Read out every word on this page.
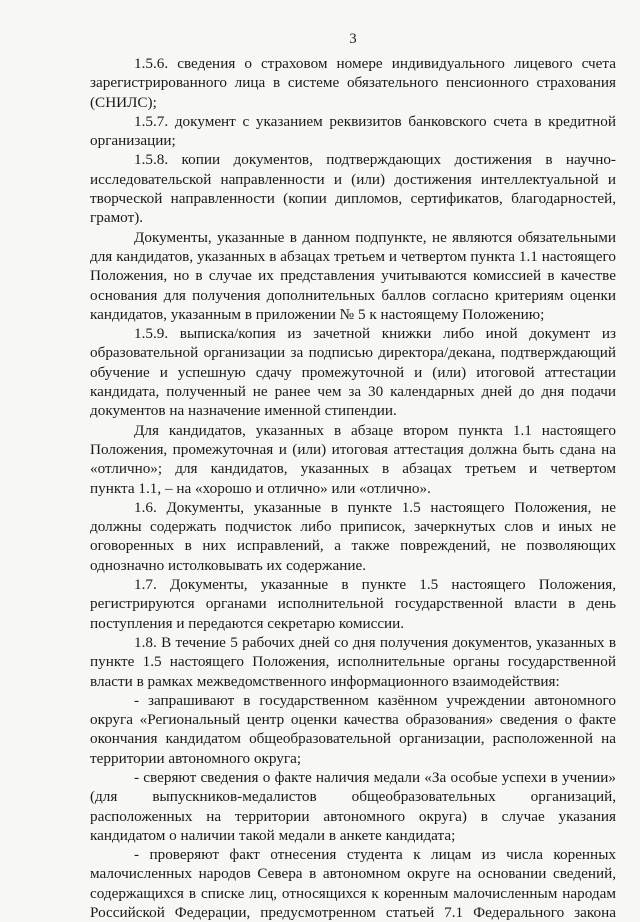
3

1.5.6. сведения о страховом номере индивидуального лицевого счета
зарегистрированного лица в системе обязательного пенсионного страхования
(СНИЛС);

1.5.7. документ с указанием реквизитов банковского счета в кредитной
организации;

1.5.8. копии документов, подтверждающих достижения в научно-
исследовательской направленности и (или) достижения интеллектуальной и
творческой направленности (копии дипломов, сертификатов, благодарностей,
грамот).

Документы, указанные в данном подпункте, не являются обязательными
для кандидатов, указанных в абзацах третьем и четвертом пункта 1.1 настоящего
Положения, но в случае их представления учитываются комиссией в качестве
основания для получения дополнительных баллов согласно критериям оценки
кандидатов, указанным в приложении № 5 к настоящему Положению;

1.5.9. выписка/копия из зачетной книжки либо иной документ из
образовательной организации за подписью директора/декана, подтверждающий
обучение и успешную сдачу промежуточной и (или) итоговой аттестации
кандидата, полученный не ранее чем за 30 календарных дней до дня подачи
документов на назначение именной стипендии.

Для кандидатов, указанных в абзаце втором пункта 1.1 настоящего
Положения, промежуточная и (или) итоговая аттестация должна быть сдана на
«отлично»; для кандидатов, указанных в абзацах третьем и четвертом
пункта 1.1, – на «хорошо и отлично» или «отлично».

1.6. Документы, указанные в пункте 1.5 настоящего Положения, не
должны содержать подчисток либо приписок, зачеркнутых слов и иных не
оговоренных в них исправлений, а также повреждений, не позволяющих
однозначно истолковывать их содержание.

1.7. Документы, указанные в пункте 1.5 настоящего Положения,
регистрируются органами исполнительной государственной власти в день
поступления и передаются секретарю комиссии.

1.8. В течение 5 рабочих дней со дня получения документов, указанных в
пункте 1.5 настоящего Положения, исполнительные органы государственной
власти в рамках межведомственного информационного взаимодействия:

- запрашивают в государственном казённом учреждении автономного
округа «Региональный центр оценки качества образования» сведения о факте
окончания кандидатом общеобразовательной организации, расположенной на
территории автономного округа;

- сверяют сведения о факте наличия медали «За особые успехи в учении»
(для выпускников-медалистов общеобразовательных организаций,
расположенных на территории автономного округа) в случае указания
кандидатом о наличии такой медали в анкете кандидата;

- проверяют факт отнесения студента к лицам из числа коренных
малочисленных народов Севера в автономном округе на основании сведений,
содержащихся в списке лиц, относящихся к коренным малочисленным народам
Российской Федерации, предусмотренном статьей 7.1 Федерального закона
